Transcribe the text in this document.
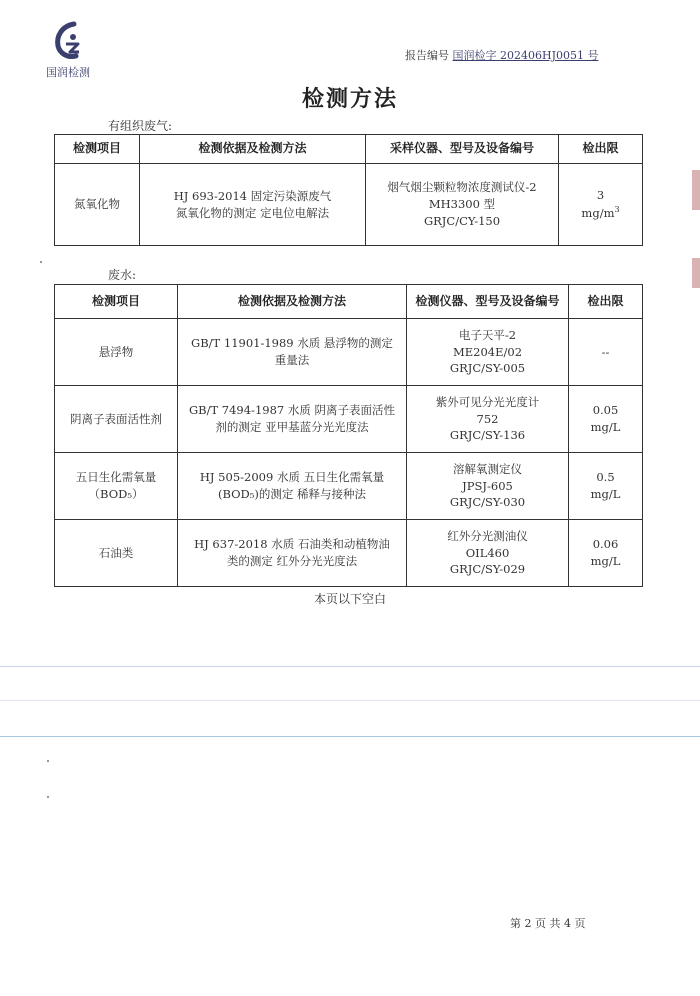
国润检测
报告编号 国润检字 202406HJ0051 号
检测方法
有组织废气:
检测项目	检测依据及检测方法	采样仪器、型号及设备编号	检出限
氮氧化物	HJ 693-2014 固定污染源废气
氮氧化物的测定 定电位电解法	烟气烟尘颗粒物浓度测试仪-2
MH3300 型
GRJC/CY-150	3
$mg/m^3$
废水:
检测项目	检测依据及检测方法	检测仪器、型号及设备编号	检出限

悬浮物	GB/T 11901-1989 水质 悬浮物的测定
重量法	电子天平-2
ME204E/02
GRJC/SY-005	--

阴离子表面活性剂	GB/T 7494-1987 水质 阴离子表面活性
剂的测定 亚甲基蓝分光光度法	紫外可见分光光度计
752
GRJC/SY-136	0.05
mg/L

五日生化需氧量
（BOD₅）	HJ 505-2009 水质 五日生化需氧量
(BOD₅)的测定 稀释与接种法	溶解氧测定仪
JPSJ-605
GRJC/SY-030	0.5
mg/L

石油类	HJ 637-2018 水质 石油类和动植物油
类的测定 红外分光光度法	红外分光测油仪
OIL460
GRJC/SY-029	0.06
mg/L
本页以下空白
第 2 页 共 4 页
